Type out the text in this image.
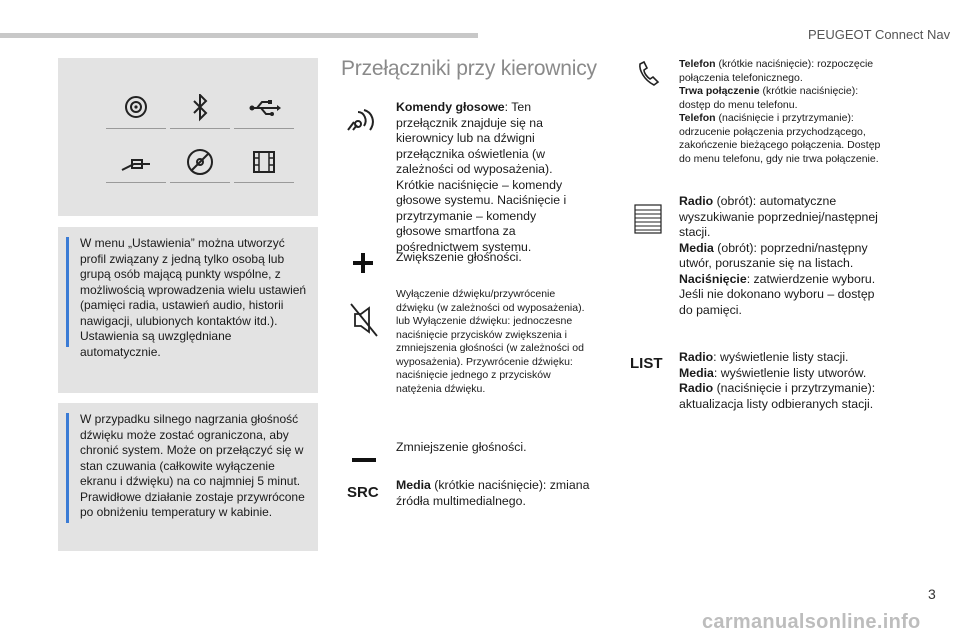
PEUGEOT Connect Nav
W menu „Ustawienia” można utworzyć profil związany z jedną tylko osobą lub grupą osób mającą punkty wspólne, z możliwością wprowadzenia wielu ustawień (pamięci radia, ustawień audio, historii nawigacji, ulubionych kontaktów itd.). Ustawienia są uwzględniane automatycznie.
W przypadku silnego nagrzania głośność dźwięku może zostać ograniczona, aby chronić system. Może on przełączyć się w stan czuwania (całkowite wyłączenie ekranu i dźwięku) na co najmniej 5 minut. Prawidłowe działanie zostaje przywrócone po obniżeniu temperatury w kabinie.
Przełączniki przy kierownicy
Komendy głosowe: Ten przełącznik znajduje się na kierownicy lub na dźwigni przełącznika oświetlenia (w zależności od wyposażenia). Krótkie naciśnięcie – komendy głosowe systemu. Naciśnięcie i przytrzymanie – komendy głosowe smartfona za pośrednictwem systemu.
Zwiększenie głośności.
Wyłączenie dźwięku/przywrócenie dźwięku (w zależności od wyposażenia). lub Wyłączenie dźwięku: jednoczesne naciśnięcie przycisków zwiększenia i zmniejszenia głośności (w zależności od wyposażenia). Przywrócenie dźwięku: naciśnięcie jednego z przycisków natężenia dźwięku.
Zmniejszenie głośności.
SRC Media (krótkie naciśnięcie): zmiana źródła multimedialnego.
Telefon (krótkie naciśnięcie): rozpoczęcie połączenia telefonicznego.
Trwa połączenie (krótkie naciśnięcie): dostęp do menu telefonu.
Telefon (naciśnięcie i przytrzymanie): odrzucenie połączenia przychodzącego, zakończenie bieżącego połączenia. Dostęp do menu telefonu, gdy nie trwa połączenie.
Radio (obrót): automatyczne wyszukiwanie poprzedniej/następnej stacji.
Media (obrót): poprzedni/następny utwór, poruszanie się na listach.
Naciśnięcie: zatwierdzenie wyboru. Jeśli nie dokonano wyboru – dostęp do pamięci.
LIST Radio: wyświetlenie listy stacji.
Media: wyświetlenie listy utworów.
Radio (naciśnięcie i przytrzymanie): aktualizacja listy odbieranych stacji.
3
carmanualsonline.info
